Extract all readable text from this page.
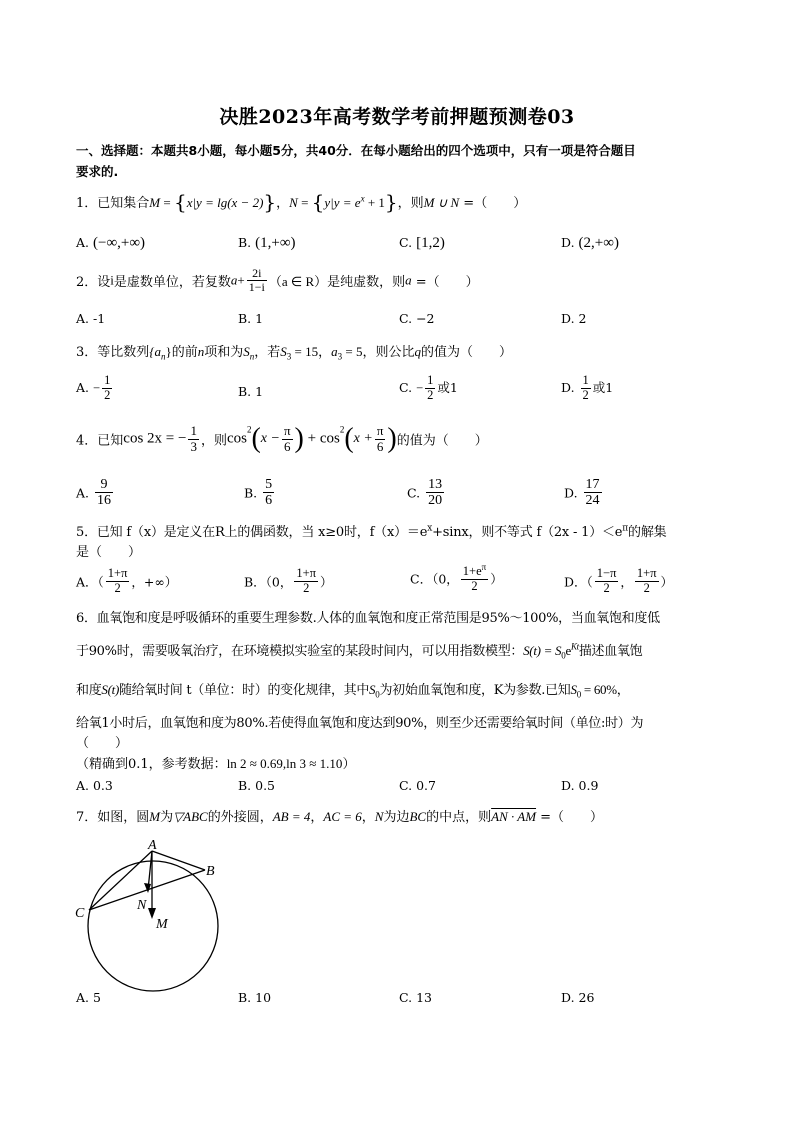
决胜2023年高考数学考前押题预测卷03
一、选择题：本题共8小题，每小题5分，共40分．在每小题给出的四个选项中，只有一项是符合题目
要求的.
1．已知集合M = {x|y = lg(x − 2)}，$N = \{y|y = e^x + 1\}$，则M ∪ N =（　　）
A. (−∞,+∞)	B. (1,+∞)	C. [1,2)	D. (2,+∞)
2．设i是虚数单位，若复数$a+ \frac{2i}{1-i} (a$ ∈ R）是纯虚数，则a =（　　）
A. -1	B. 1	C. −2	D. 2
3．等比数列$\{a_n\}$的前n项和为$S_n$，若$S_3 = 15$，$a_3 = 5$，则公比q的值为（　　）
A. − $\frac{1}{2}$	B. 1	C. − $\frac{1}{2}$ 或1	D. $\frac{1}{2}$ 或1
4．已知cos 2x = − $\frac{1}{3}$ ，则$\cos^2(x - \frac{\pi}{6}$ ) + $\cos^2(x + \frac{\pi}{6}$ )的值为（　　）
A. $\frac{9}{16}$	B. $\frac{5}{6}$	C. $\frac{13}{20}$	D. $\frac{17}{24}$
5．已知 f（x）是定义在R上的偶函数，当 x≥0时，$f(x)=e^x+\sin x$，则不等式 $f(2x - 1)<e^\pi$的解集
是（　　）
A．（ $\frac{1+\pi}{2}$ ，+∞）	B．（0， $\frac{1+\pi}{2}$ ）	C．（0， $\frac{1+e^\pi}{2}$ ）	D．（ $\frac{1-\pi}{2}$ ， $\frac{1+\pi}{2}$ ）
6．血氧饱和度是呼吸循环的重要生理参数.人体的血氧饱和度正常范围是95%～100%，当血氧饱和度低
于90%时，需要吸氧治疗，在环境模拟实验室的某段时间内，可以用指数模型：$S(t) = S_0e^{Kt}$描述血氧饱
和度S(t)随给氧时间 t（单位：时）的变化规律，其中$S_0$为初始血氧饱和度，K为参数.已知$S_0 = 60\%$，
给氧1小时后，血氧饱和度为80%.若使得血氧饱和度达到90%，则至少还需要给氧时间（单位:时）为
（　　）
（精确到0.1，参考数据：ln 2 ≈ 0.69,ln 3 ≈ 1.10）
A. 0.3	B. 0.5	C. 0.7	D. 0.9
7．如图，圆M为▽ABC的外接圆，AB = 4，AC = 6，N为边BC的中点，则AN · AM =（　　）
A
B
C
N
M
A. 5	B. 10	C. 13	D. 26
